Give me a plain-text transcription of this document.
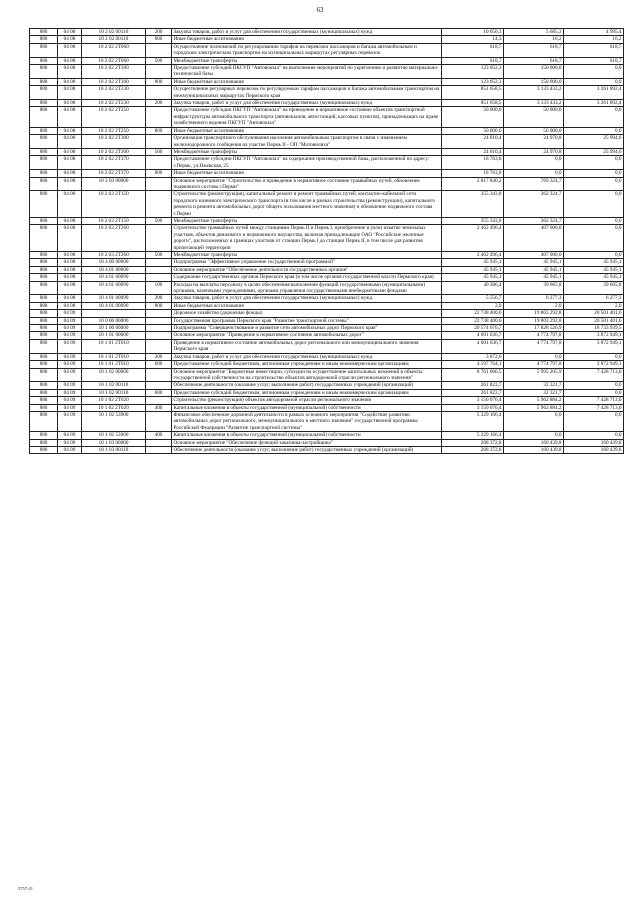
63
880	04 08	10 2 02 00110	200	Закупка товаров, работ и услуг для обеспечения государственных (муниципальных) нужд	10 650,3	5 685,3	4 995,4
880	04 08	10 2 02 00110	800	Иные бюджетные ассигнования	14,3	16,2	16,2
880	04 08	10 2 02 2T060		Осуществление полномочий по регулированию тарифов на перевозки пассажиров и багажа автомобильным и городским электрическим транспортом на муниципальных маршрутах регулярных перевозок	618,7	618,7	618,7
880	04 08	10 2 02 2T060	500	Межбюджетные трансферты	618,7	618,7	618,7
880	04 08	10 2 02 2T100		Предоставление субсидий ПКГУП "Автовокзал" на выполнение мероприятий по укреплению и развитию материально-технической базы	123 052,3	150 000,0	0,0
880	04 08	10 2 02 2T100	800	Иные бюджетные ассигнования	123 052,3	150 000,0	0,0
880	04 08	10 2 02 2T230		Осуществление регулярных перевозок по регулируемым тарифам пассажиров и багажа автомобильным транспортом на межмуниципальных маршрутах Пермского края	851 658,5	3 133 433,2	3 261 892,4
880	04 08	10 2 02 2T230	200	Закупка товаров, работ и услуг для обеспечения государственных (муниципальных) нужд	851 658,5	3 133 433,2	3 261 892,4
880	04 08	10 2 02 2T250		Предоставление субсидии ПКГУП "Автовокзал" на приведение в нормативное состояние объектов транспортной инфраструктуры автомобильного транспорта (автовокзалов, автостанций, кассовых пунктов), принадлежащих на праве хозяйственного ведения ПКГУП "Автовокзал"	50 000,0	50 000,0	0,0
880	04 08	10 2 02 2T250	800	Иные бюджетные ассигнования	50 000,0	50 000,0	0,0
880	04 08	10 2 02 2T300		Организация транспортного обслуживания населения автомобильным транспортом в связи с изменением железнодорожного сообщения на участке Пермь II - ОП "Мотовилиха"	24 010,4	24 970,8	25 994,6
880	04 08	10 2 02 2T300	500	Межбюджетные трансферты	24 010,4	24 970,8	25 994,6
880	04 08	10 2 02 2T370		Предоставление субсидии ПКГУП "Автовокзал" на содержание производственной базы, расположенной по адресу: г.Пермь, ул.Ижевская, 25	18 763,8	0,0	0,0
880	04 08	10 2 02 2T370	800	Иные бюджетные ассигнования	18 763,8	0,0	0,0
880	04 08	10 2 03 00000		Основное мероприятие "Строительство и приведение в нормативное состояние трамвайных путей, обновление подвижного состава г.Перми"	2 817 840,2	769 324,7	0,0
880	04 08	10 2 03 2T150		Строительство (реконструкция), капитальный ремонт и ремонт трамвайных путей, контактно-кабельной сети городского наземного электрического транспорта (в том числе в рамках строительства (реконструкции), капитального ремонта и ремонта автомобильных дорог общего пользования местного значения) и обновление подвижного состава г.Перми	355 343,8	362 324,7	0,0
880	04 08	10 2 03 2T150	500	Межбюджетные трансферты	355 343,8	362 324,7	0,0
880	04 08	10 2 03 2T260		Строительство трамвайных путей между станциями Пермь II и Пермь I, приобретение и (или) изъятие земельных участков, объектов движимого и недвижимого имущества, включая принадлежащие ОАО "Российские железные дороги", расположенных в границах участков от станции Пермь I до станции Пермь II, в том числе для развития прилегающей территории	2 462 496,4	407 000,0	0,0
880	04 08	10 2 03 2T260	500	Межбюджетные трансферты	2 462 496,4	407 000,0	0,0
880	04 08	10 4 00 00000		Подпрограмма "Эффективное управление государственной программой"	45 945,1	45 945,1	45 945,1
880	04 08	10 4 01 00000		Основное мероприятие "Обеспечение деятельности государственных органов"	45 945,1	45 945,1	45 945,1
880	04 08	10 4 01 00090		Содержание государственных органов Пермского края (в том числе органов государственной власти Пермского края)	45 945,1	45 945,1	45 945,1
880	04 08	10 4 01 00090	100	Расходы на выплаты персоналу в целях обеспечения выполнения функций государственными (муниципальными) органами, казенными учреждениями, органами управления государственными внебюджетными фондами	40 386,4	39 665,8	39 665,8
880	04 08	10 4 01 00090	200	Закупка товаров, работ и услуг для обеспечения государственных (муниципальных) нужд	5 556,7	6 277,3	6 277,3
880	04 08	10 4 01 00090	800	Иные бюджетные ассигнования	2,0	2,0	2,0
880	04 09			Дорожное хозяйство (дорожные фонды)	22 738 400,6	19 803 292,8	20 501 401,6
880	04 09	10 0 00 00000		Государственная программа Пермского края "Развитие транспортной системы"	22 738 400,6	19 803 292,8	20 501 401,6
880	04 09	10 1 00 00000		Подпрограмма "Совершенствование и развитие сети автомобильных дорог Пермского края"	20 574 676,7	17 828 526,9	18 733 939,5
880	04 09	10 1 01 00000		Основное мероприятие "Приведение в нормативное состояние автомобильных дорог"	4 601 636,7	4 774 797,8	3 872 949,1
880	04 09	10 1 01 2T010		Приведение в нормативное состояние автомобильных дорог регионального или межмуниципального значения Пермского края	4 601 636,7	4 774 797,8	3 872 949,1
880	04 09	10 1 01 2T010	200	Закупка товаров, работ и услуг для обеспечения государственных (муниципальных) нужд	3 872,6	0,0	0,0
880	04 09	10 1 01 2T010	600	Предоставление субсидий бюджетным, автономным учреждениям и иным некоммерческим организациям	4 597 764,1	4 774 797,8	3 872 949,1
880	04 09	10 1 02 00000		Основное мероприятие "Бюджетные инвестиции, субсидии на осуществление капитальных вложений в объекты государственной собственности на строительство объектов автодорожной отрасли регионального значения"	8 761 066,5	5 995 205,9	7 428 713,0
880	04 09	10 1 02 00110		Обеспечение деятельности (оказание услуг, выполнение работ) государственных учреждений (организаций)	261 823,7	32 321,7	0,0
880	04 09	10 1 02 00110	600	Предоставление субсидий бюджетным, автономным учреждениям и иным некоммерческим организациям	261 823,7	32 321,7	0,0
880	04 09	10 1 02 2T020		Строительство (реконструкция) объектов автодорожной отрасли регионального значения	3 150 076,4	5 962 884,2	7 428 713,0
880	04 09	10 1 02 2T020	400	Капитальные вложения в объекты государственной (муниципальной) собственности	3 150 076,4	5 962 884,2	7 428 713,0
880	04 09	10 1 02 53900		Финансовое обеспечение дорожной деятельности в рамках основного мероприятия "Содействие развитию автомобильных дорог регионального, межмуниципального и местного значения" государственной программы Российской Федерации "Развитие транспортной системы"	5 329 166,4	0,0	0,0
880	04 09	10 1 02 53900	400	Капитальные вложения в объекты государственной (муниципальной) собственности	5 329 166,4	0,0	0,0
880	04 09	10 1 03 00000		Основное мероприятие "Обеспечение функций заказчика-застройщика"	208 372,8	160 439,8	160 439,8
880	04 09	10 1 03 00110		Обеспечение деятельности (оказание услуг, выполнение работ) государственных учреждений (организаций)	208 372,8	160 439,8	160 439,8
5757-21
